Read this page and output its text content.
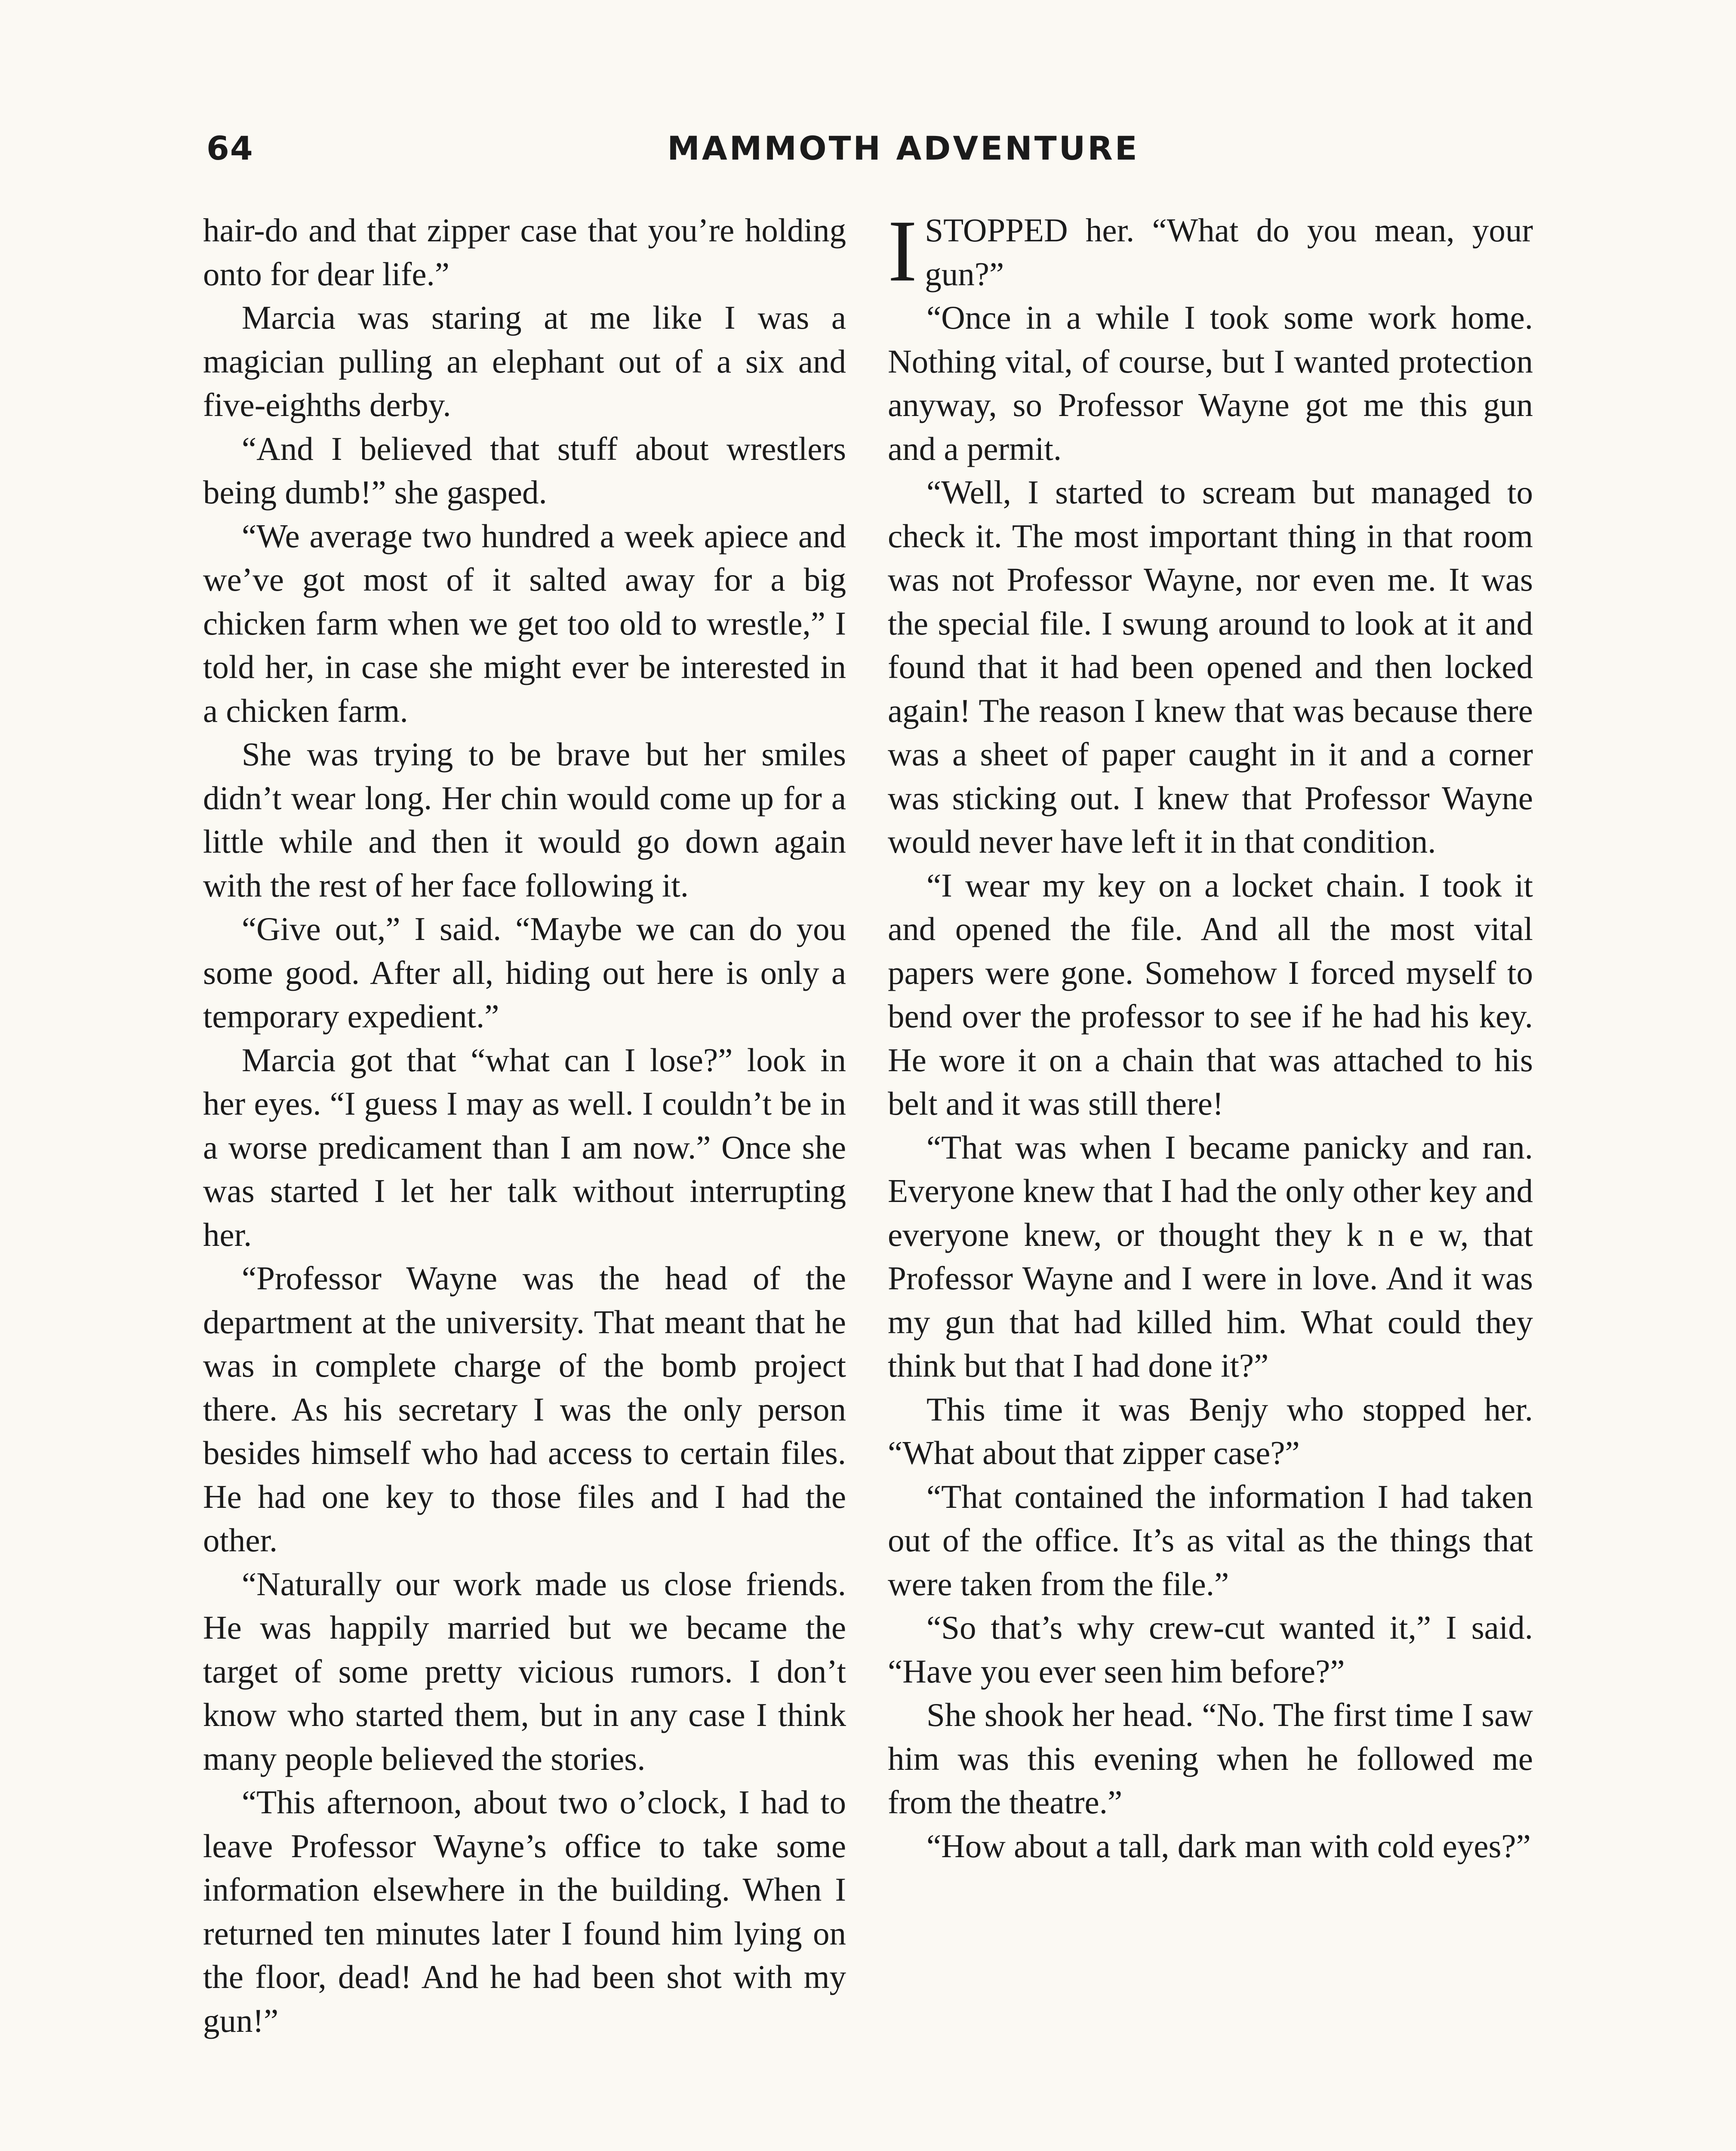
64	MAMMOTH ADVENTURE

hair-do and that zipper case that you’re holding onto for dear life.”

Marcia was staring at me like I was a magician pulling an elephant out of a six and five-eighths derby.

“And I believed that stuff about wrestlers being dumb!” she gasped.

“We average two hundred a week apiece and we’ve got most of it salted away for a big chicken farm when we get too old to wrestle,” I told her, in case she might ever be interested in a chicken farm.

She was trying to be brave but her smiles didn’t wear long. Her chin would come up for a little while and then it would go down again with the rest of her face following it.

“Give out,” I said. “Maybe we can do you some good. After all, hiding out here is only a temporary expedient.”

Marcia got that “what can I lose?” look in her eyes. “I guess I may as well. I couldn’t be in a worse predicament than I am now.” Once she was started I let her talk without interrupting her.

“Professor Wayne was the head of the department at the university. That meant that he was in complete charge of the bomb project there. As his secretary I was the only person besides himself who had access to certain files. He had one key to those files and I had the other.

“Naturally our work made us close friends. He was happily married but we became the target of some pretty vicious rumors. I don’t know who started them, but in any case I think many people believed the stories.

“This afternoon, about two o’clock, I had to leave Professor Wayne’s office to take some information elsewhere in the building. When I returned ten minutes later I found him lying on the floor, dead! And he had been shot with my gun!”

ISTOPPED her. “What do you mean, your gun?”

“Once in a while I took some work home. Nothing vital, of course, but I wanted protection anyway, so Professor Wayne got me this gun and a permit.

“Well, I started to scream but managed to check it. The most important thing in that room was not Professor Wayne, nor even me. It was the special file. I swung around to look at it and found that it had been opened and then locked again! The reason I knew that was because there was a sheet of paper caught in it and a corner was sticking out. I knew that Professor Wayne would never have left it in that condition.

“I wear my key on a locket chain. I took it and opened the file. And all the most vital papers were gone. Somehow I forced myself to bend over the professor to see if he had his key. He wore it on a chain that was attached to his belt and it was still there!

“That was when I became panicky and ran. Everyone knew that I had the only other key and everyone knew, or thought they k n e w, that Professor Wayne and I were in love. And it was my gun that had killed him. What could they think but that I had done it?”

This time it was Benjy who stopped her. “What about that zipper case?”

“That contained the information I had taken out of the office. It’s as vital as the things that were taken from the file.”

“So that’s why crew-cut wanted it,” I said. “Have you ever seen him before?”

She shook her head. “No. The first time I saw him was this evening when he followed me from the theatre.”

“How about a tall, dark man with cold eyes?”
